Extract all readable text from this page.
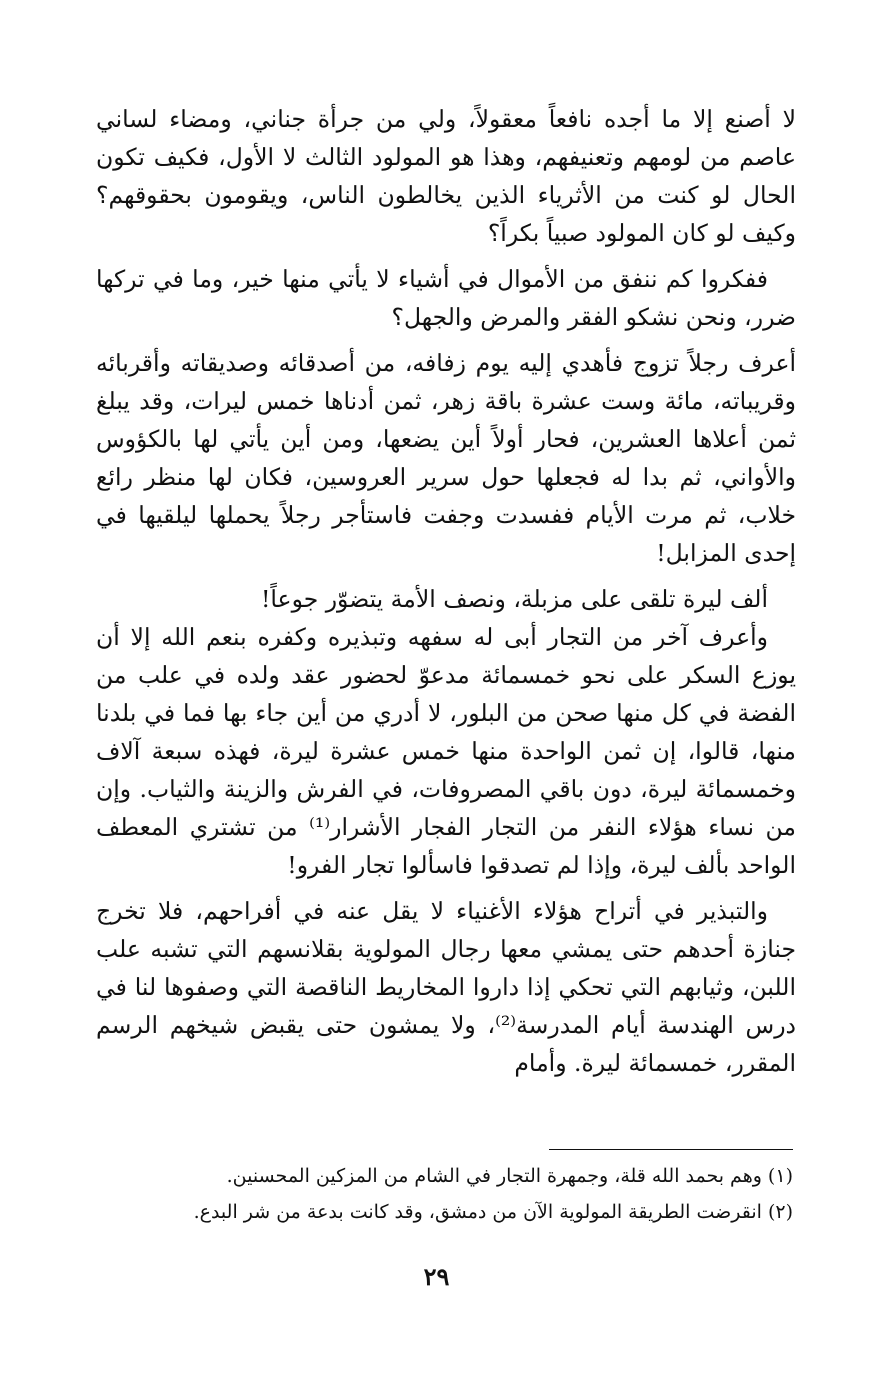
لا أصنع إلا ما أجده نافعاً معقولاً، ولي من جرأة جناني، ومضاء لساني عاصم من لومهم وتعنيفهم، وهذا هو المولود الثالث لا الأول، فكيف تكون الحال لو كنت من الأثرياء الذين يخالطون الناس، ويقومون بحقوقهم؟ وكيف لو كان المولود صبياً بكراً؟

ففكروا كم ننفق من الأموال في أشياء لا يأتي منها خير، وما في تركها ضرر، ونحن نشكو الفقر والمرض والجهل؟

أعرف رجلاً تزوج فأهدي إليه يوم زفافه، من أصدقائه وصديقاته وأقربائه وقريباته، مائة وست عشرة باقة زهر، ثمن أدناها خمس ليرات، وقد يبلغ ثمن أعلاها العشرين، فحار أولاً أين يضعها، ومن أين يأتي لها بالكؤوس والأواني، ثم بدا له فجعلها حول سرير العروسين، فكان لها منظر رائع خلاب، ثم مرت الأيام ففسدت وجفت فاستأجر رجلاً يحملها ليلقيها في إحدى المزابل!

ألف ليرة تلقى على مزبلة، ونصف الأمة يتضوّر جوعاً!

وأعرف آخر من التجار أبى له سفهه وتبذيره وكفره بنعم الله إلا أن يوزع السكر على نحو خمسمائة مدعوّ لحضور عقد ولده في علب من الفضة في كل منها صحن من البلور، لا أدري من أين جاء بها فما في بلدنا منها، قالوا، إن ثمن الواحدة منها خمس عشرة ليرة، فهذه سبعة آلاف وخمسمائة ليرة، دون باقي المصروفات، في الفرش والزينة والثياب. وإن من نساء هؤلاء النفر من التجار الفجار الأشرار⁽¹⁾ من تشتري المعطف الواحد بألف ليرة، وإذا لم تصدقوا فاسألوا تجار الفرو!

والتبذير في أتراح هؤلاء الأغنياء لا يقل عنه في أفراحهم، فلا تخرج جنازة أحدهم حتى يمشي معها رجال المولوية بقلانسهم التي تشبه علب اللبن، وثيابهم التي تحكي إذا داروا المخاريط الناقصة التي وصفوها لنا في درس الهندسة أيام المدرسة⁽²⁾، ولا يمشون حتى يقبض شيخهم الرسم المقرر، خمسمائة ليرة. وأمام

(١) وهم بحمد الله قلة، وجمهرة التجار في الشام من المزكين المحسنين.

(٢) انقرضت الطريقة المولوية الآن من دمشق، وقد كانت بدعة من شر البدع.

٢٩
